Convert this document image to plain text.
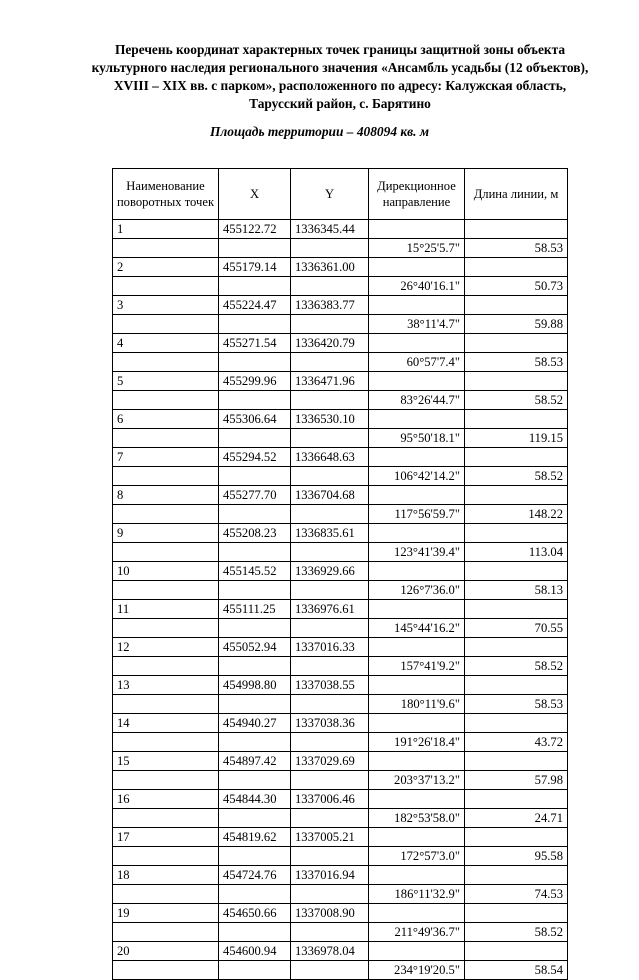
Перечень координат характерных точек границы защитной зоны объекта
культурного наследия регионального значения «Ансамбль усадьбы (12 объектов),
XVIII – XIX вв. с парком», расположенного по адресу: Калужская область,
Тарусский район, с. Барятино
Площадь территории – 408094 кв. м
Наименование поворотных точек	X	Y	Дирекционное направление	Длина линии, м
1	455122.72	1336345.44		
			15°25'5.7"	58.53
2	455179.14	1336361.00		
			26°40'16.1"	50.73
3	455224.47	1336383.77		
			38°11'4.7"	59.88
4	455271.54	1336420.79		
			60°57'7.4"	58.53
5	455299.96	1336471.96		
			83°26'44.7"	58.52
6	455306.64	1336530.10		
			95°50'18.1"	119.15
7	455294.52	1336648.63		
			106°42'14.2"	58.52
8	455277.70	1336704.68		
			117°56'59.7"	148.22
9	455208.23	1336835.61		
			123°41'39.4"	113.04
10	455145.52	1336929.66		
			126°7'36.0"	58.13
11	455111.25	1336976.61		
			145°44'16.2"	70.55
12	455052.94	1337016.33		
			157°41'9.2"	58.52
13	454998.80	1337038.55		
			180°11'9.6"	58.53
14	454940.27	1337038.36		
			191°26'18.4"	43.72
15	454897.42	1337029.69		
			203°37'13.2"	57.98
16	454844.30	1337006.46		
			182°53'58.0"	24.71
17	454819.62	1337005.21		
			172°57'3.0"	95.58
18	454724.76	1337016.94		
			186°11'32.9"	74.53
19	454650.66	1337008.90		
			211°49'36.7"	58.52
20	454600.94	1336978.04		
			234°19'20.5"	58.54
